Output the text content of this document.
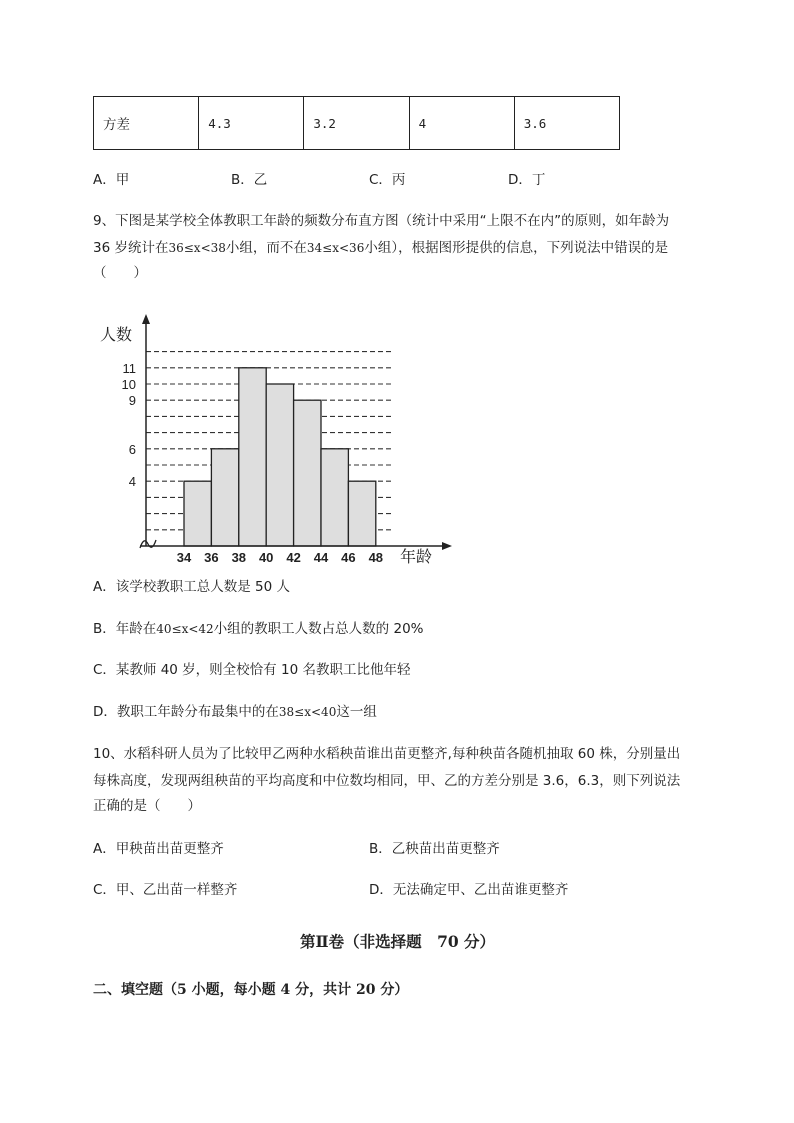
方差	4.3	3.2	4	3.6
A．甲	B．乙	C．丙	D．丁
9、下图是某学校全体教职工年龄的频数分布直方图（统计中采用“上限不在内”的原则，如年龄为
36 岁统计在36≤x<38小组，而不在34≤x<36小组），根据图形提供的信息，下列说法中错误的是
（　　）
4
6
9
10
11
34 36 38 40 42 44 46 48
人数
年龄
A．该学校教职工总人数是 50 人
B．年龄在40≤x<42小组的教职工人数占总人数的 20%
C．某教师 40 岁，则全校恰有 10 名教职工比他年轻
D．教职工年龄分布最集中的在38≤x<40这一组
10、水稻科研人员为了比较甲乙两种水稻秧苗谁出苗更整齐,每种秧苗各随机抽取 60 株，分别量出
每株高度，发现两组秧苗的平均高度和中位数均相同，甲、乙的方差分别是 3.6，6.3，则下列说法
正确的是（　　）
A．甲秧苗出苗更整齐	B．乙秧苗出苗更整齐
C．甲、乙出苗一样整齐	D．无法确定甲、乙出苗谁更整齐
第Ⅱ卷（非选择题　70 分）
二、填空题（5 小题，每小题 4 分，共计 20 分）
